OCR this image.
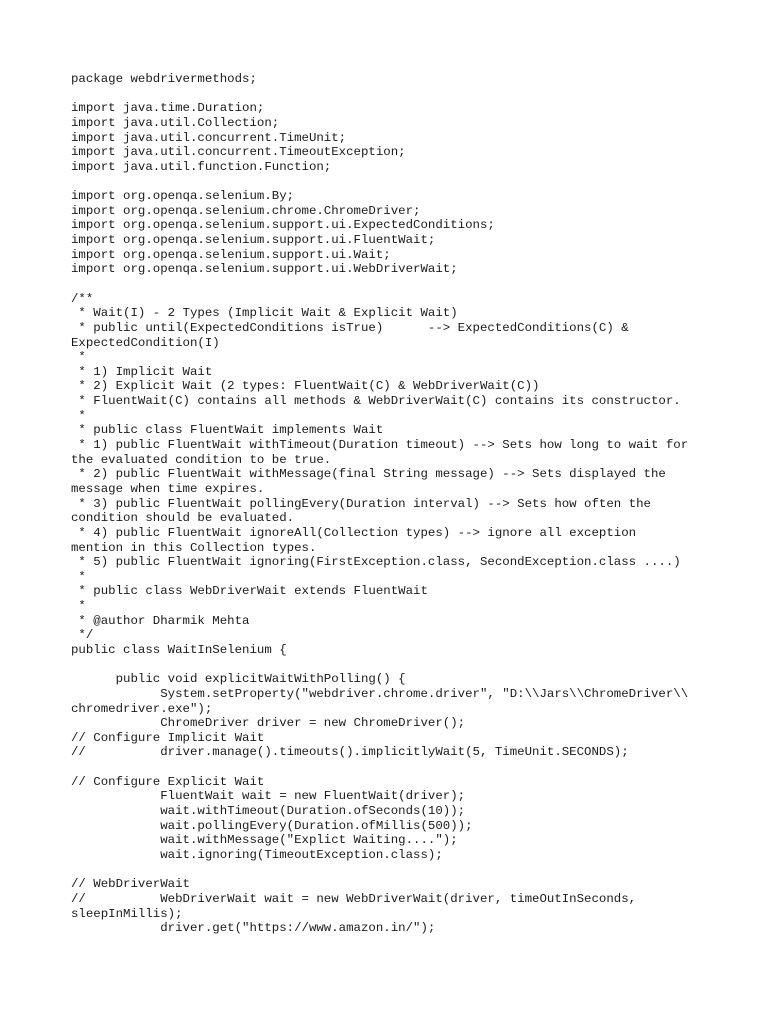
package webdrivermethods;

import java.time.Duration;
import java.util.Collection;
import java.util.concurrent.TimeUnit;
import java.util.concurrent.TimeoutException;
import java.util.function.Function;

import org.openqa.selenium.By;
import org.openqa.selenium.chrome.ChromeDriver;
import org.openqa.selenium.support.ui.ExpectedConditions;
import org.openqa.selenium.support.ui.FluentWait;
import org.openqa.selenium.support.ui.Wait;
import org.openqa.selenium.support.ui.WebDriverWait;

/**
* Wait(I) - 2 Types (Implicit Wait & Explicit Wait)
* public until(ExpectedConditions isTrue)      --> ExpectedConditions(C) &
ExpectedCondition(I)
*
* 1) Implicit Wait
* 2) Explicit Wait (2 types: FluentWait(C) & WebDriverWait(C))
* FluentWait(C) contains all methods & WebDriverWait(C) contains its constructor.
*
* public class FluentWait implements Wait
* 1) public FluentWait withTimeout(Duration timeout) --> Sets how long to wait for
the evaluated condition to be true.
* 2) public FluentWait withMessage(final String message) --> Sets displayed the
message when time expires.
* 3) public FluentWait pollingEvery(Duration interval) --> Sets how often the
condition should be evaluated.
* 4) public FluentWait ignoreAll(Collection types) --> ignore all exception
mention in this Collection types.
* 5) public FluentWait ignoring(FirstException.class, SecondException.class ....)
*
* public class WebDriverWait extends FluentWait
*
* @author Dharmik Mehta
*/
public class WaitInSelenium {

public void explicitWaitWithPolling() {
System.setProperty("webdriver.chrome.driver", "D:\\Jars\\ChromeDriver\\
chromedriver.exe");
ChromeDriver driver = new ChromeDriver();
// Configure Implicit Wait
//          driver.manage().timeouts().implicitlyWait(5, TimeUnit.SECONDS);

// Configure Explicit Wait
FluentWait wait = new FluentWait(driver);
wait.withTimeout(Duration.ofSeconds(10));
wait.pollingEvery(Duration.ofMillis(500));
wait.withMessage("Explict Waiting....");
wait.ignoring(TimeoutException.class);

// WebDriverWait
//          WebDriverWait wait = new WebDriverWait(driver, timeOutInSeconds,
sleepInMillis);
driver.get("https://www.amazon.in/");
